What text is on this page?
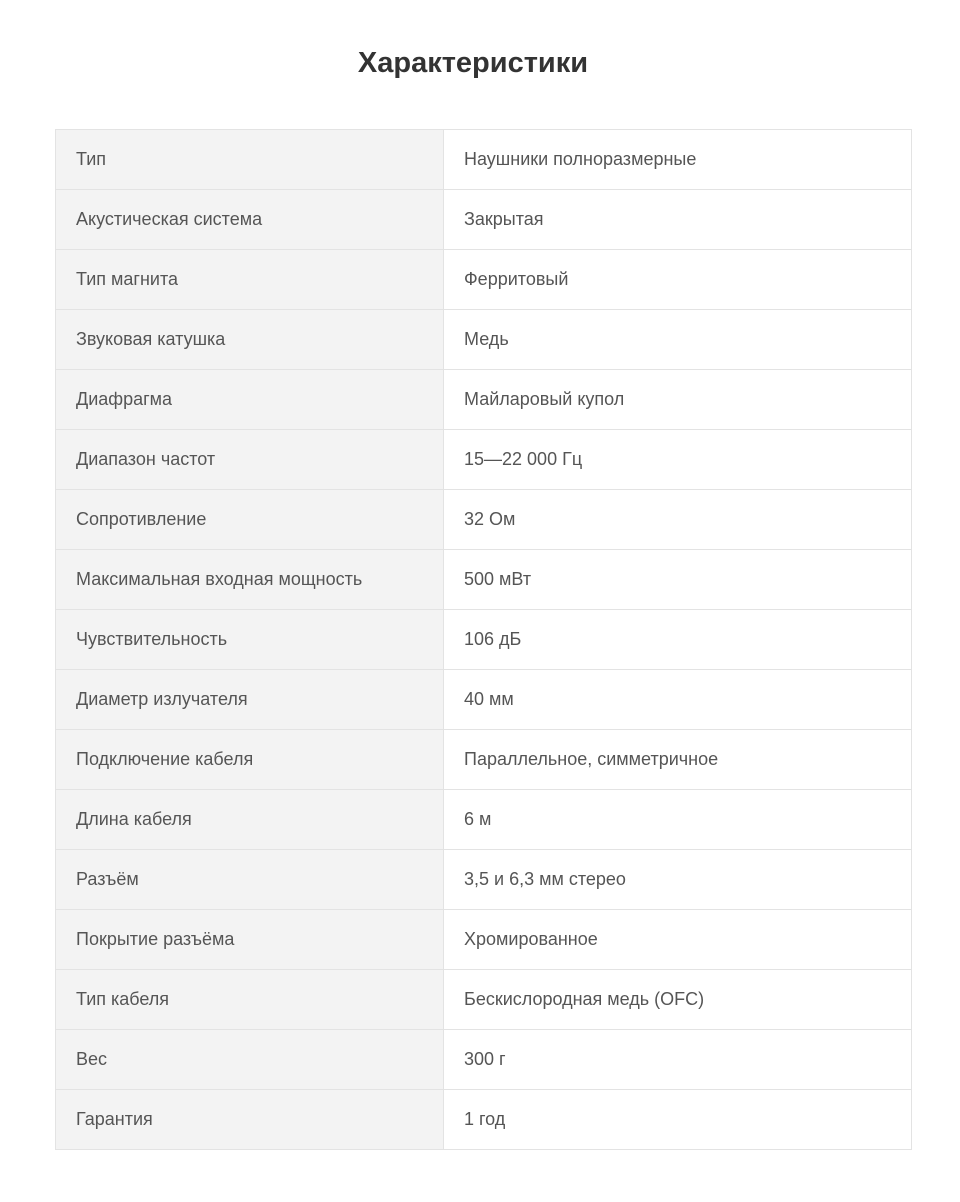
Характеристики
Тип	Наушники полноразмерные
Акустическая система	Закрытая
Тип магнита	Ферритовый
Звуковая катушка	Медь
Диафрагма	Майларовый купол
Диапазон частот	15—22 000 Гц
Сопротивление	32 Ом
Максимальная входная мощность	500 мВт
Чувствительность	106 дБ
Диаметр излучателя	40 мм
Подключение кабеля	Параллельное, симметричное
Длина кабеля	6 м
Разъём	3,5 и 6,3 мм стерео
Покрытие разъёма	Хромированное
Тип кабеля	Бескислородная медь (OFC)
Вес	300 г
Гарантия	1 год
